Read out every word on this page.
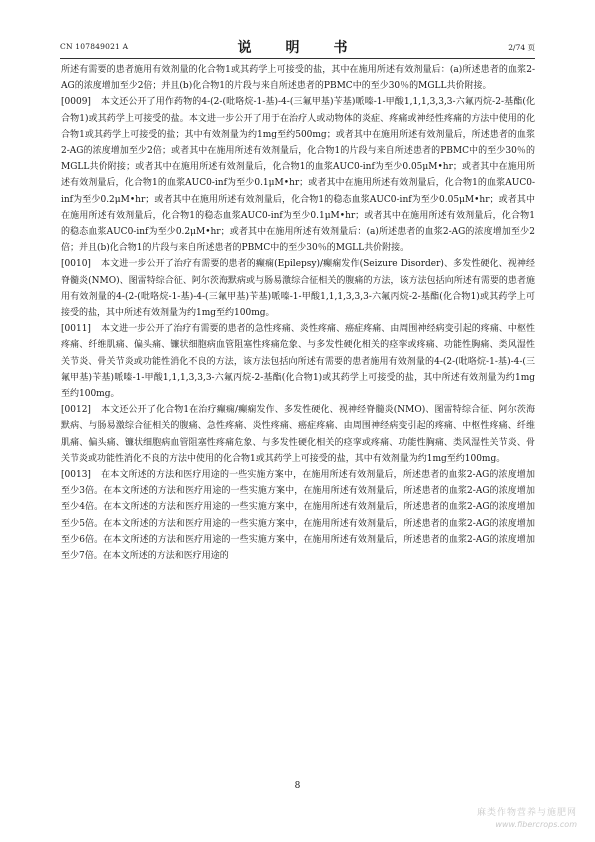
CN 107849021 A	说　明　书	2/74 页

所述有需要的患者施用有效剂量的化合物1或其药学上可接受的盐，其中在施用所述有效剂量后：(a)所述患者的血浆2-AG的浓度增加至少2倍；并且(b)化合物1的片段与来自所述患者的PBMC中的至少30％的MGLL共价附接。

[0009] 本文还公开了用作药物的4-(2-(吡咯烷-1-基)-4-(三氟甲基)苄基)哌嗪-1-甲酸1,1,1,3,3,3-六氟丙烷-2-基酯(化合物1)或其药学上可接受的盐。本文进一步公开了用于在治疗人或动物体的炎症、疼痛或神经性疼痛的方法中使用的化合物1或其药学上可接受的盐；其中有效剂量为约1mg至约500mg；或者其中在施用所述有效剂量后，所述患者的血浆2-AG的浓度增加至少2倍；或者其中在施用所述有效剂量后，化合物1的片段与来自所述患者的PBMC中的至少30％的MGLL共价附接；或者其中在施用所述有效剂量后，化合物1的血浆AUC0-inf为至少0.05μM•hr；或者其中在施用所述有效剂量后，化合物1的血浆AUC0-inf为至少0.1μM•hr；或者其中在施用所述有效剂量后，化合物1的血浆AUC0-inf为至少0.2μM•hr；或者其中在施用所述有效剂量后，化合物1的稳态血浆AUC0-inf为至少0.05μM•hr；或者其中在施用所述有效剂量后，化合物1的稳态血浆AUC0-inf为至少0.1μM•hr；或者其中在施用所述有效剂量后，化合物1的稳态血浆AUC0-inf为至少0.2μM•hr；或者其中在施用所述有效剂量后：(a)所述患者的血浆2-AG的浓度增加至少2倍；并且(b)化合物1的片段与来自所述患者的PBMC中的至少30％的MGLL共价附接。

[0010] 本文进一步公开了治疗有需要的患者的癫痫(Epilepsy)/癫痫发作(Seizure Disorder)、多发性硬化、视神经脊髓炎(NMO)、图雷特综合征、阿尔茨海默病或与肠易激综合征相关的腹痛的方法，该方法包括向所述有需要的患者施用有效剂量的4-(2-(吡咯烷-1-基)-4-(三氟甲基)苄基)哌嗪-1-甲酸1,1,1,3,3,3-六氟丙烷-2-基酯(化合物1)或其药学上可接受的盐，其中所述有效剂量为约1mg至约100mg。

[0011] 本文进一步公开了治疗有需要的患者的急性疼痛、炎性疼痛、癌症疼痛、由周围神经病变引起的疼痛、中枢性疼痛、纤维肌痛、偏头痛、镰状细胞病血管阻塞性疼痛危象、与多发性硬化相关的痉挛或疼痛、功能性胸痛、类风湿性关节炎、骨关节炎或功能性消化不良的方法，该方法包括向所述有需要的患者施用有效剂量的4-(2-(吡咯烷-1-基)-4-(三氟甲基)苄基)哌嗪-1-甲酸1,1,1,3,3,3-六氟丙烷-2-基酯(化合物1)或其药学上可接受的盐，其中所述有效剂量为约1mg至约100mg。

[0012] 本文还公开了化合物1在治疗癫痫/癫痫发作、多发性硬化、视神经脊髓炎(NMO)、图雷特综合征、阿尔茨海默病、与肠易激综合征相关的腹痛、急性疼痛、炎性疼痛、癌症疼痛、由周围神经病变引起的疼痛、中枢性疼痛、纤维肌痛、偏头痛、镰状细胞病血管阻塞性疼痛危象、与多发性硬化相关的痉挛或疼痛、功能性胸痛、类风湿性关节炎、骨关节炎或功能性消化不良的方法中使用的化合物1或其药学上可接受的盐，其中有效剂量为约1mg至约100mg。

[0013] 在本文所述的方法和医疗用途的一些实施方案中，在施用所述有效剂量后，所述患者的血浆2-AG的浓度增加至少3倍。在本文所述的方法和医疗用途的一些实施方案中，在施用所述有效剂量后，所述患者的血浆2-AG的浓度增加至少4倍。在本文所述的方法和医疗用途的一些实施方案中，在施用所述有效剂量后，所述患者的血浆2-AG的浓度增加至少5倍。在本文所述的方法和医疗用途的一些实施方案中，在施用所述有效剂量后，所述患者的血浆2-AG的浓度增加至少6倍。在本文所述的方法和医疗用途的一些实施方案中，在施用所述有效剂量后，所述患者的血浆2-AG的浓度增加至少7倍。在本文所述的方法和医疗用途的

8
麻类作物营养与施肥网
www.fibercrops.com
